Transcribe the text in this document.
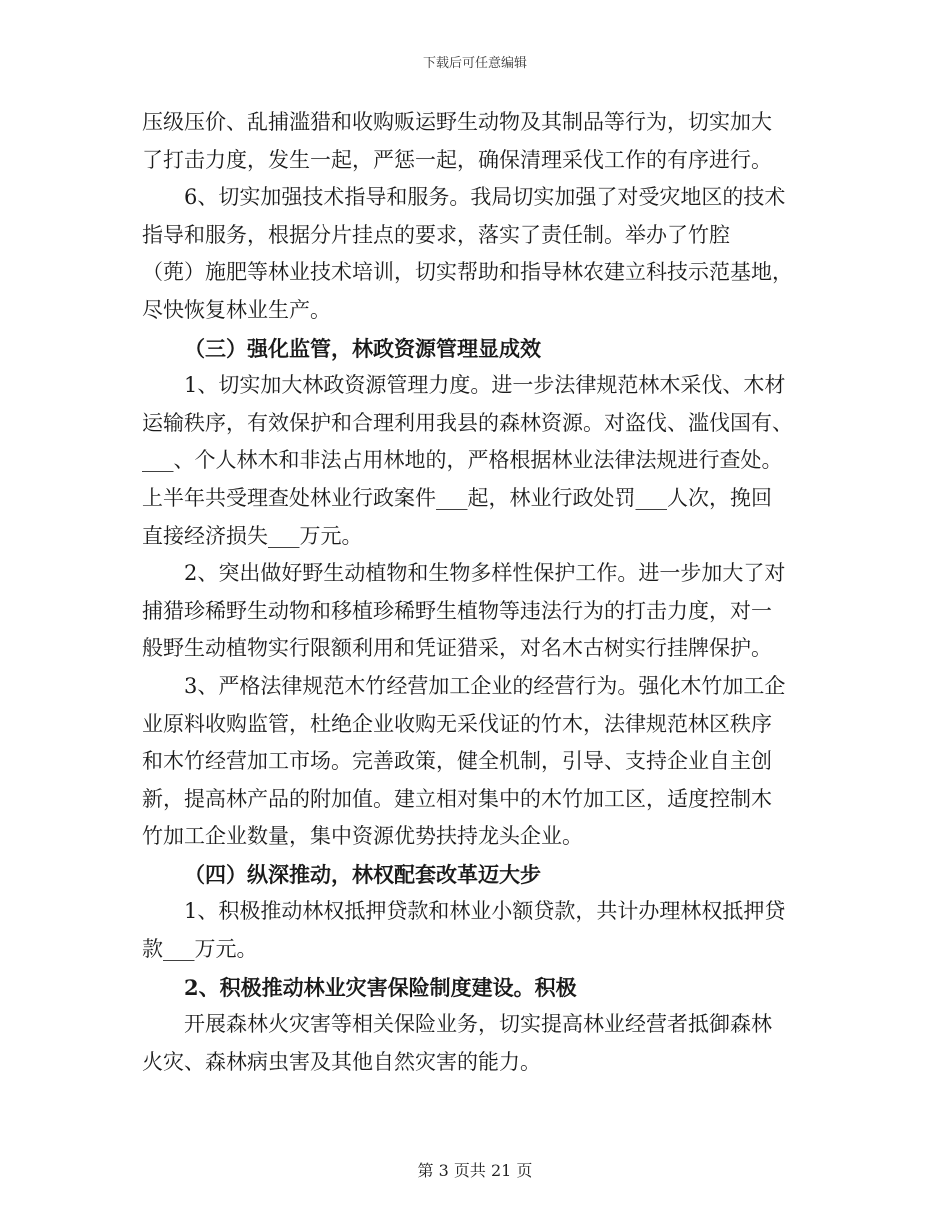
下载后可任意编辑
压级压价、乱捕滥猎和收购贩运野生动物及其制品等行为，切实加大
了打击力度，发生一起，严惩一起，确保清理采伐工作的有序进行。
6、切实加强技术指导和服务。我局切实加强了对受灾地区的技术
指导和服务，根据分片挂点的要求，落实了责任制。举办了竹腔
（蔸）施肥等林业技术培训，切实帮助和指导林农建立科技示范基地，
尽快恢复林业生产。
（三）强化监管，林政资源管理显成效
1、切实加大林政资源管理力度。进一步法律规范林木采伐、木材
运输秩序，有效保护和合理利用我县的森林资源。对盗伐、滥伐国有、
___、个人林木和非法占用林地的，严格根据林业法律法规进行查处。
上半年共受理查处林业行政案件___起，林业行政处罚___人次，挽回
直接经济损失___万元。
2、突出做好野生动植物和生物多样性保护工作。进一步加大了对
捕猎珍稀野生动物和移植珍稀野生植物等违法行为的打击力度，对一
般野生动植物实行限额利用和凭证猎采，对名木古树实行挂牌保护。
3、严格法律规范木竹经营加工企业的经营行为。强化木竹加工企
业原料收购监管，杜绝企业收购无采伐证的竹木，法律规范林区秩序
和木竹经营加工市场。完善政策，健全机制，引导、支持企业自主创
新，提高林产品的附加值。建立相对集中的木竹加工区，适度控制木
竹加工企业数量，集中资源优势扶持龙头企业。
（四）纵深推动，林权配套改革迈大步
1、积极推动林权抵押贷款和林业小额贷款，共计办理林权抵押贷
款___万元。
2、积极推动林业灾害保险制度建设。积极
开展森林火灾害等相关保险业务，切实提高林业经营者抵御森林
火灾、森林病虫害及其他自然灾害的能力。
第 3 页共 21 页
